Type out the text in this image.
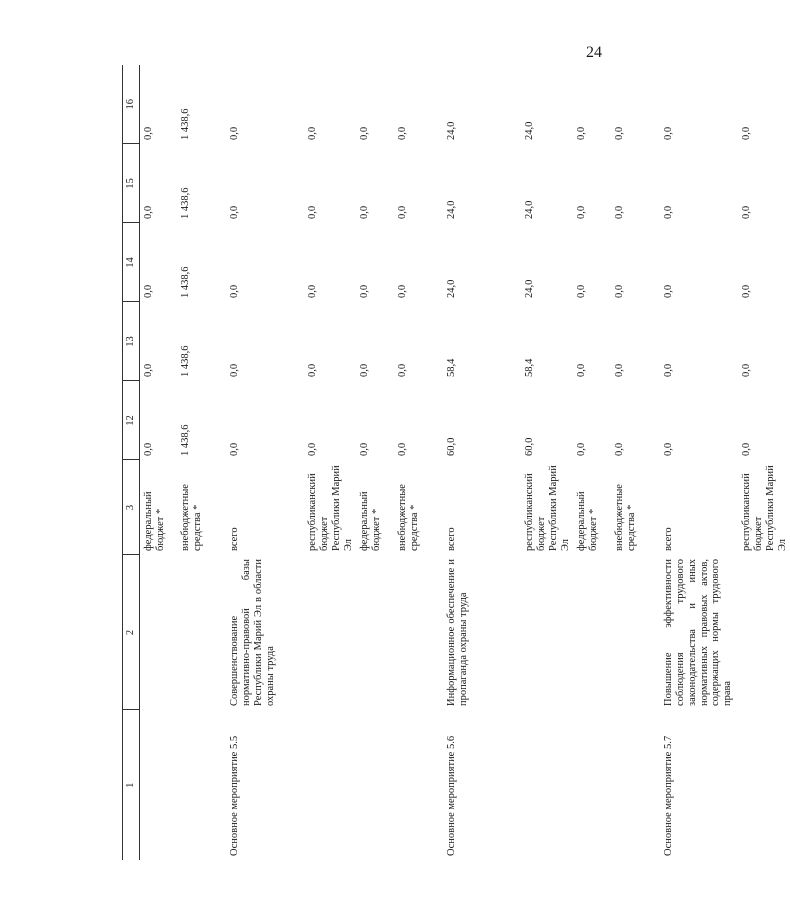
24
1	2	3	12	13	14	15	16
		федеральный бюджет *	0,0	0,0	0,0	0,0	0,0
		внебюджетные средства *	1 438,6	1 438,6	1 438,6	1 438,6	1 438,6

Основное мероприятие 5.5	Совершенствование нормативно-правовой базы Республики Марий Эл в области охраны труда	всего	0,0	0,0	0,0	0,0	0,0
		республиканский бюджет Республики Марий Эл	0,0	0,0	0,0	0,0	0,0
		федеральный бюджет *	0,0	0,0	0,0	0,0	0,0
		внебюджетные средства *	0,0	0,0	0,0	0,0	0,0

Основное мероприятие 5.6	Информационное обеспечение и пропаганда охраны труда	всего	60,0	58,4	24,0	24,0	24,0
		республиканский бюджет Республики Марий Эл	60,0	58,4	24,0	24,0	24,0
		федеральный бюджет *	0,0	0,0	0,0	0,0	0,0
		внебюджетные средства *	0,0	0,0	0,0	0,0	0,0

Основное мероприятие 5.7	Повышение эффективности соблюдения трудового законодательства и иных нормативных правовых актов, содержащих нормы трудового права	всего	0,0	0,0	0,0	0,0	0,0
		республиканский бюджет Республики Марий Эл	0,0	0,0	0,0	0,0	0,0
